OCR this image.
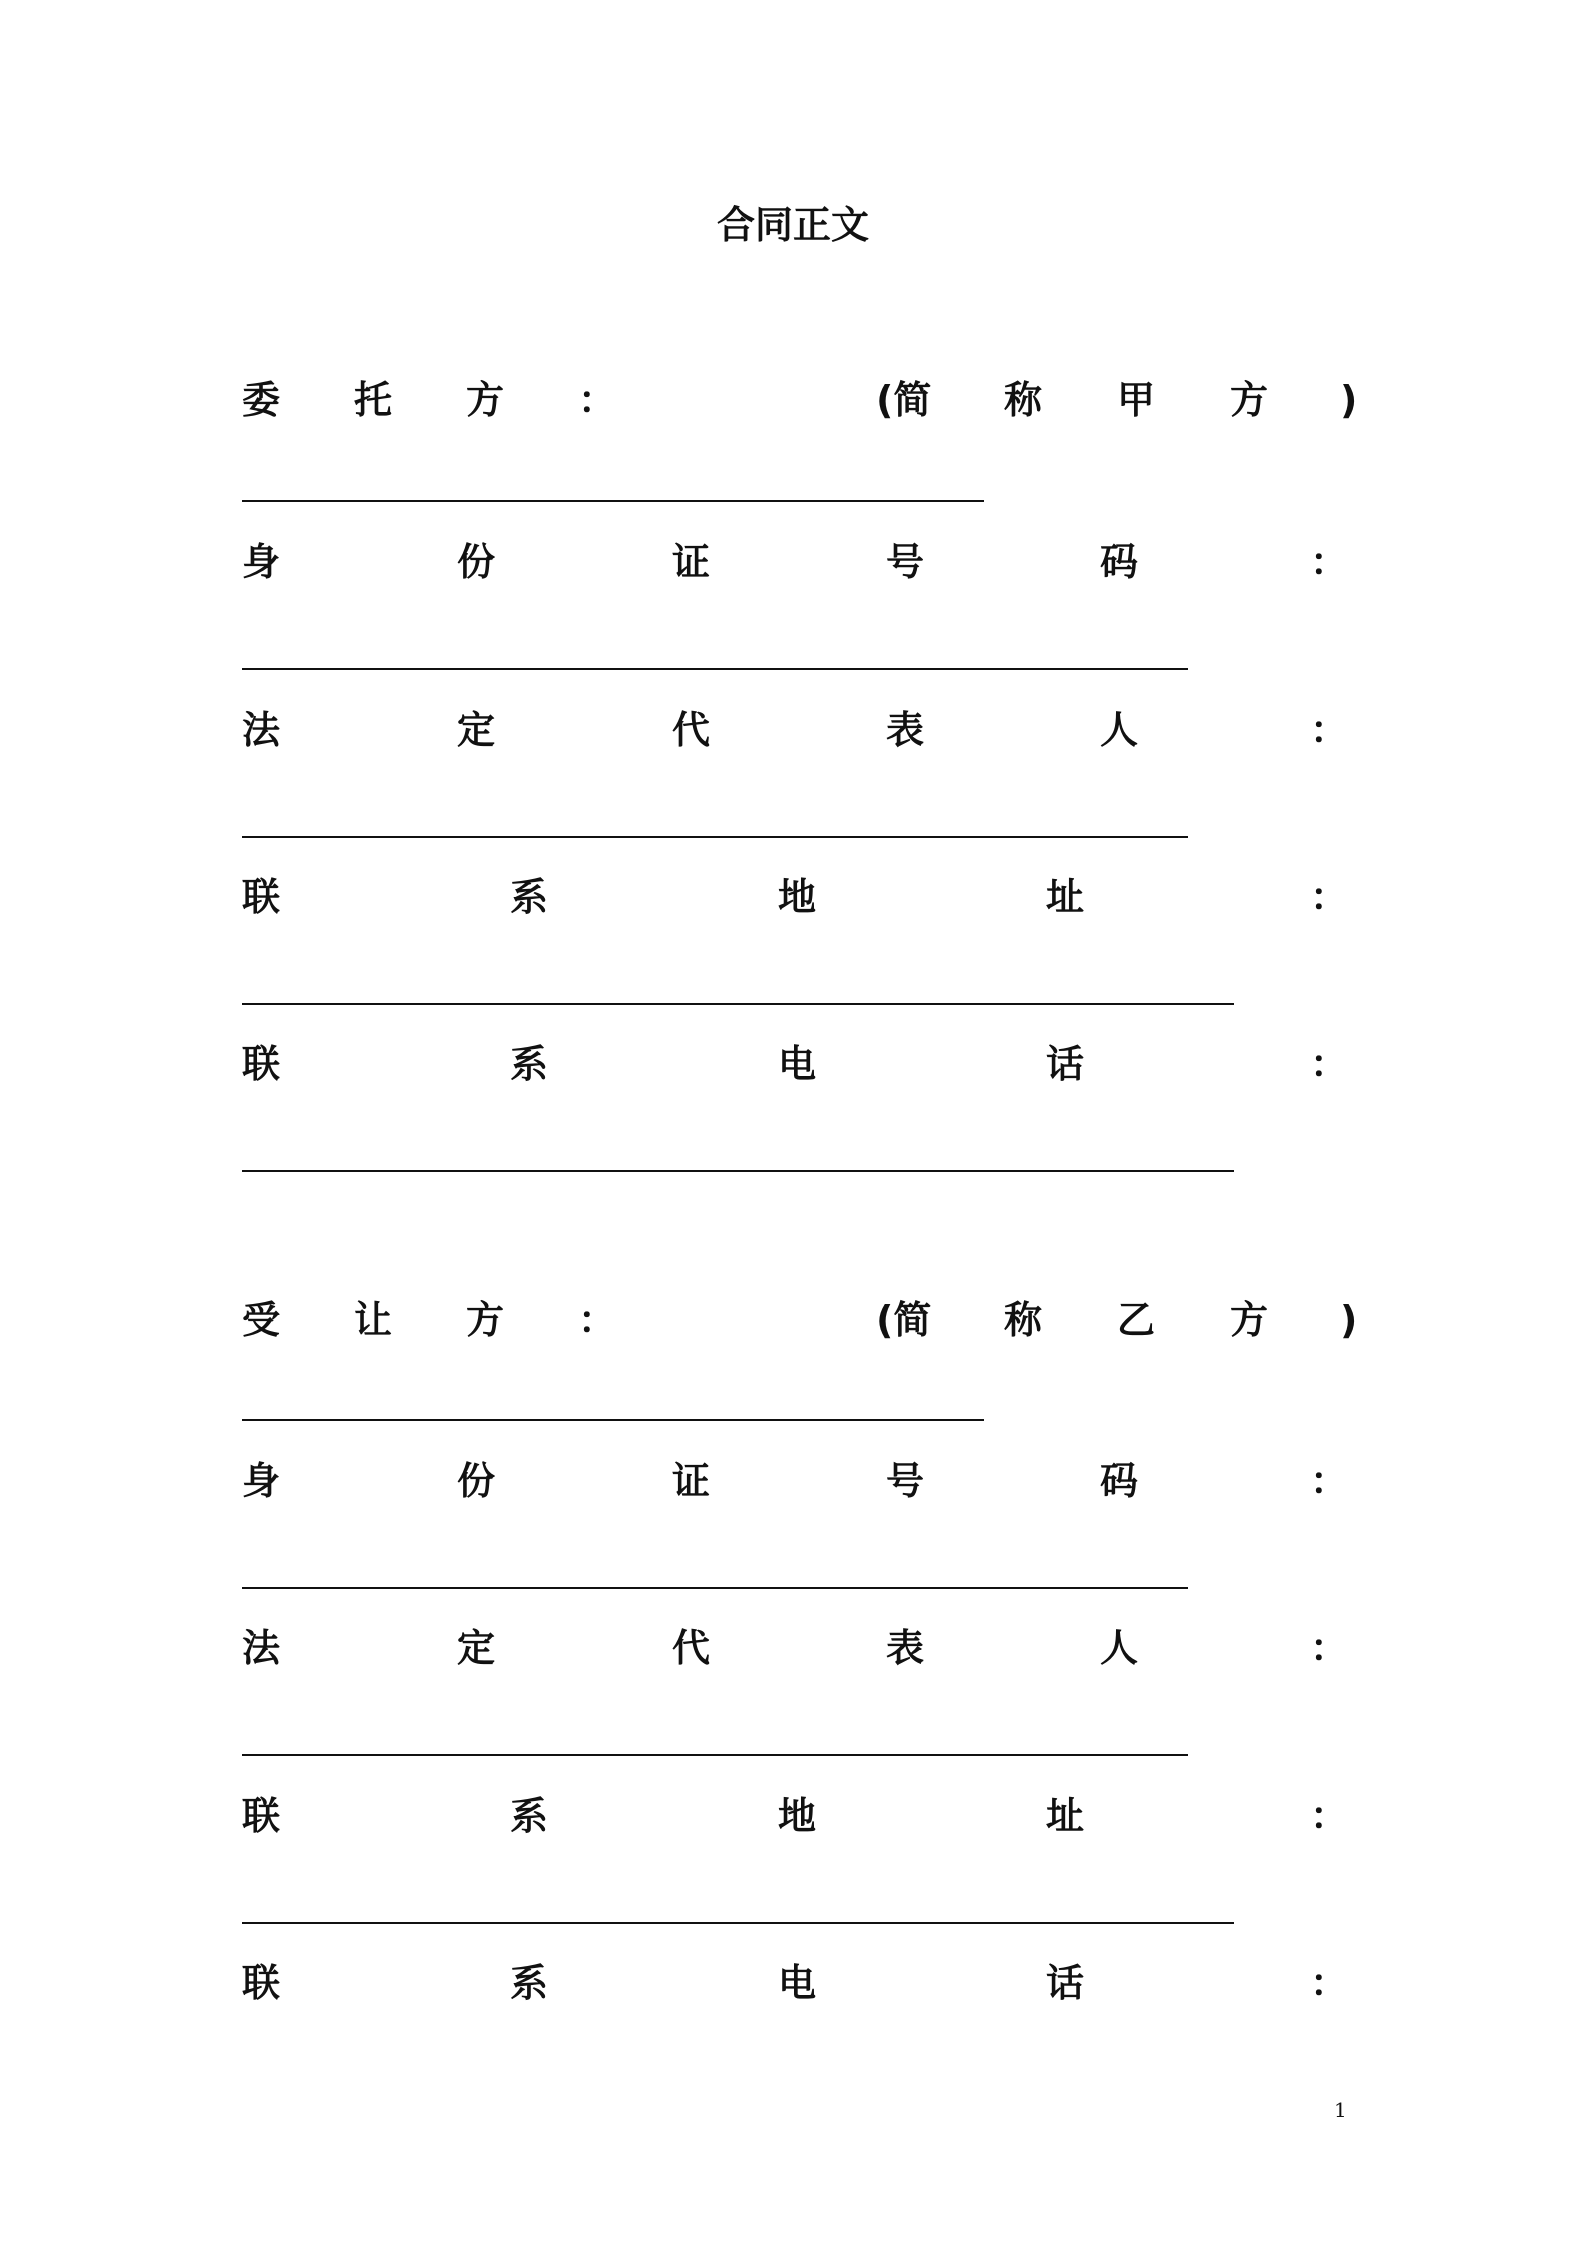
合同正文
委 托 方 ：	(简 称 甲 方 )
身	份	证	号	码	：
法	定	代	表	人	：
联	系	地	址	：
联	系	电	话	：
受 让 方 ：	(简 称 乙 方 )
身	份	证	号	码	：
法	定	代	表	人	：
联	系	地	址	：
联	系	电	话	：
1
